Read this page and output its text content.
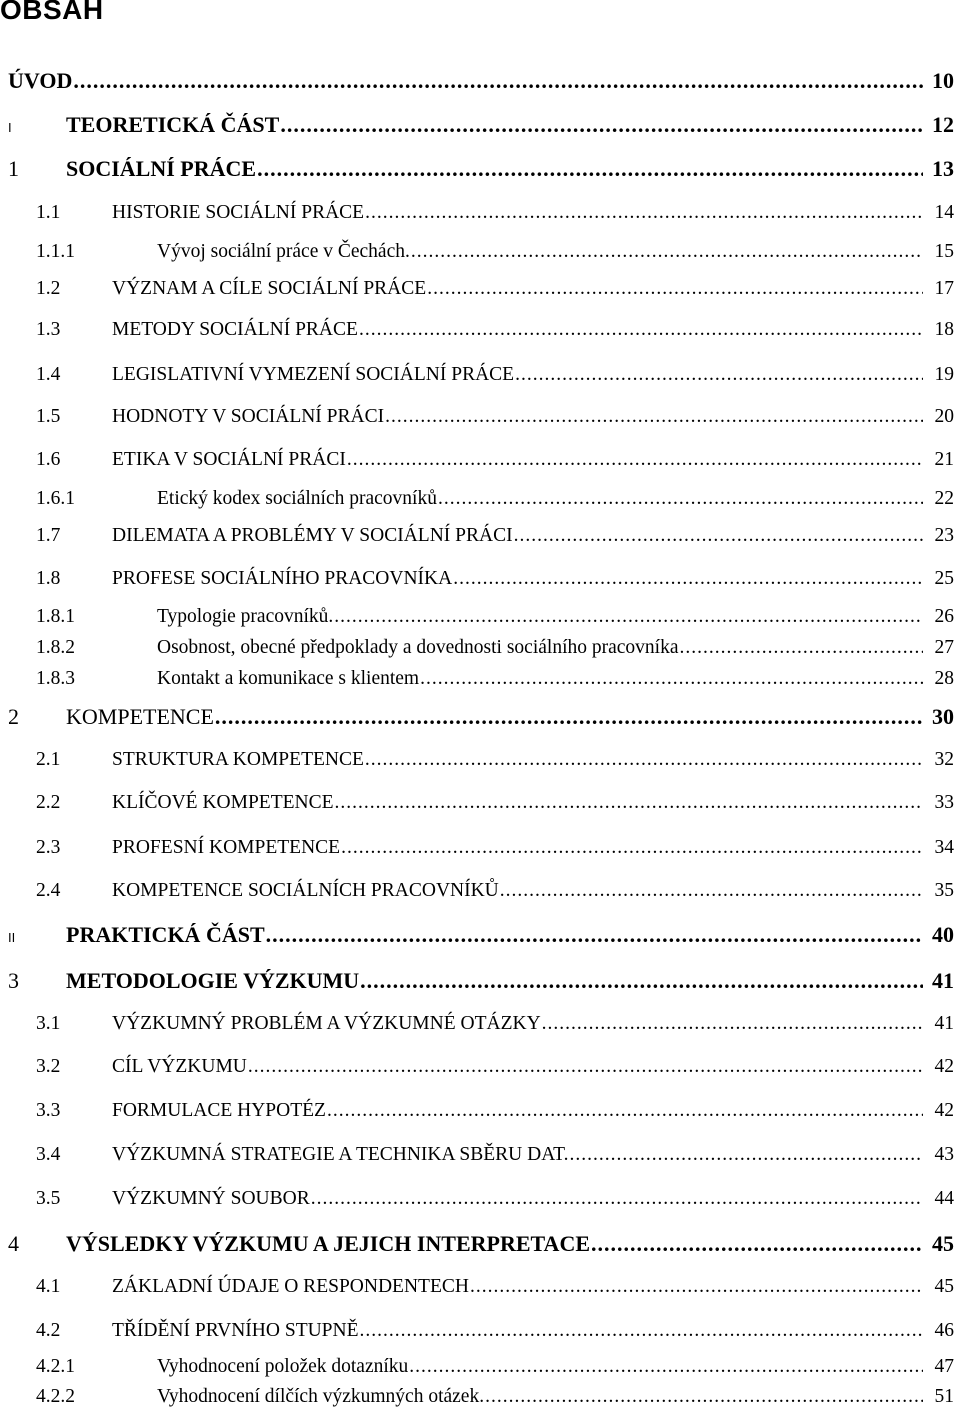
OBSAH
ÚVOD .....	10
I	TEORETICKÁ ČÁST .....	12
1	SOCIÁLNÍ PRÁCE .....	13
1.1	HISTORIE SOCIÁLNÍ PRÁCE .....	14
1.1.1	Vývoj sociální práce v Čechách. .....	15
1.2	VÝZNAM A CÍLE SOCIÁLNÍ PRÁCE .....	17
1.3	METODY SOCIÁLNÍ PRÁCE .....	18
1.4	LEGISLATIVNÍ VYMEZENÍ SOCIÁLNÍ PRÁCE .....	19
1.5	HODNOTY V SOCIÁLNÍ PRÁCI .....	20
1.6	ETIKA V SOCIÁLNÍ PRÁCI .....	21
1.6.1	Etický kodex sociálních pracovníků .....	22
1.7	DILEMATA A PROBLÉMY V SOCIÁLNÍ PRÁCI .....	23
1.8	PROFESE SOCIÁLNÍHO PRACOVNÍKA .....	25
1.8.1	Typologie pracovníků. .....	26
1.8.2	Osobnost, obecné předpoklady a dovednosti sociálního pracovníka .....	27
1.8.3	Kontakt a komunikace s klientem .....	28
2	KOMPETENCE .....	30
2.1	STRUKTURA KOMPETENCE .....	32
2.2	KLÍČOVÉ KOMPETENCE .....	33
2.3	PROFESNÍ KOMPETENCE .....	34
2.4	KOMPETENCE SOCIÁLNÍCH PRACOVNÍKŮ .....	35
II	PRAKTICKÁ ČÁST .....	40
3	METODOLOGIE VÝZKUMU .....	41
3.1	VÝZKUMNÝ PROBLÉM A VÝZKUMNÉ OTÁZKY .....	41
3.2	CÍL VÝZKUMU .....	42
3.3	FORMULACE HYPOTÉZ .....	42
3.4	VÝZKUMNÁ STRATEGIE A TECHNIKA SBĚRU DAT. .....	43
3.5	VÝZKUMNÝ SOUBOR .....	44
4	VÝSLEDKY VÝZKUMU A JEJICH INTERPRETACE .....	45
4.1	ZÁKLADNÍ ÚDAJE O RESPONDENTECH .....	45
4.2	TŘÍDĚNÍ PRVNÍHO STUPNĚ .....	46
4.2.1	Vyhodnocení položek dotazníku .....	47
4.2.2	Vyhodnocení dílčích výzkumných otázek. .....	51
